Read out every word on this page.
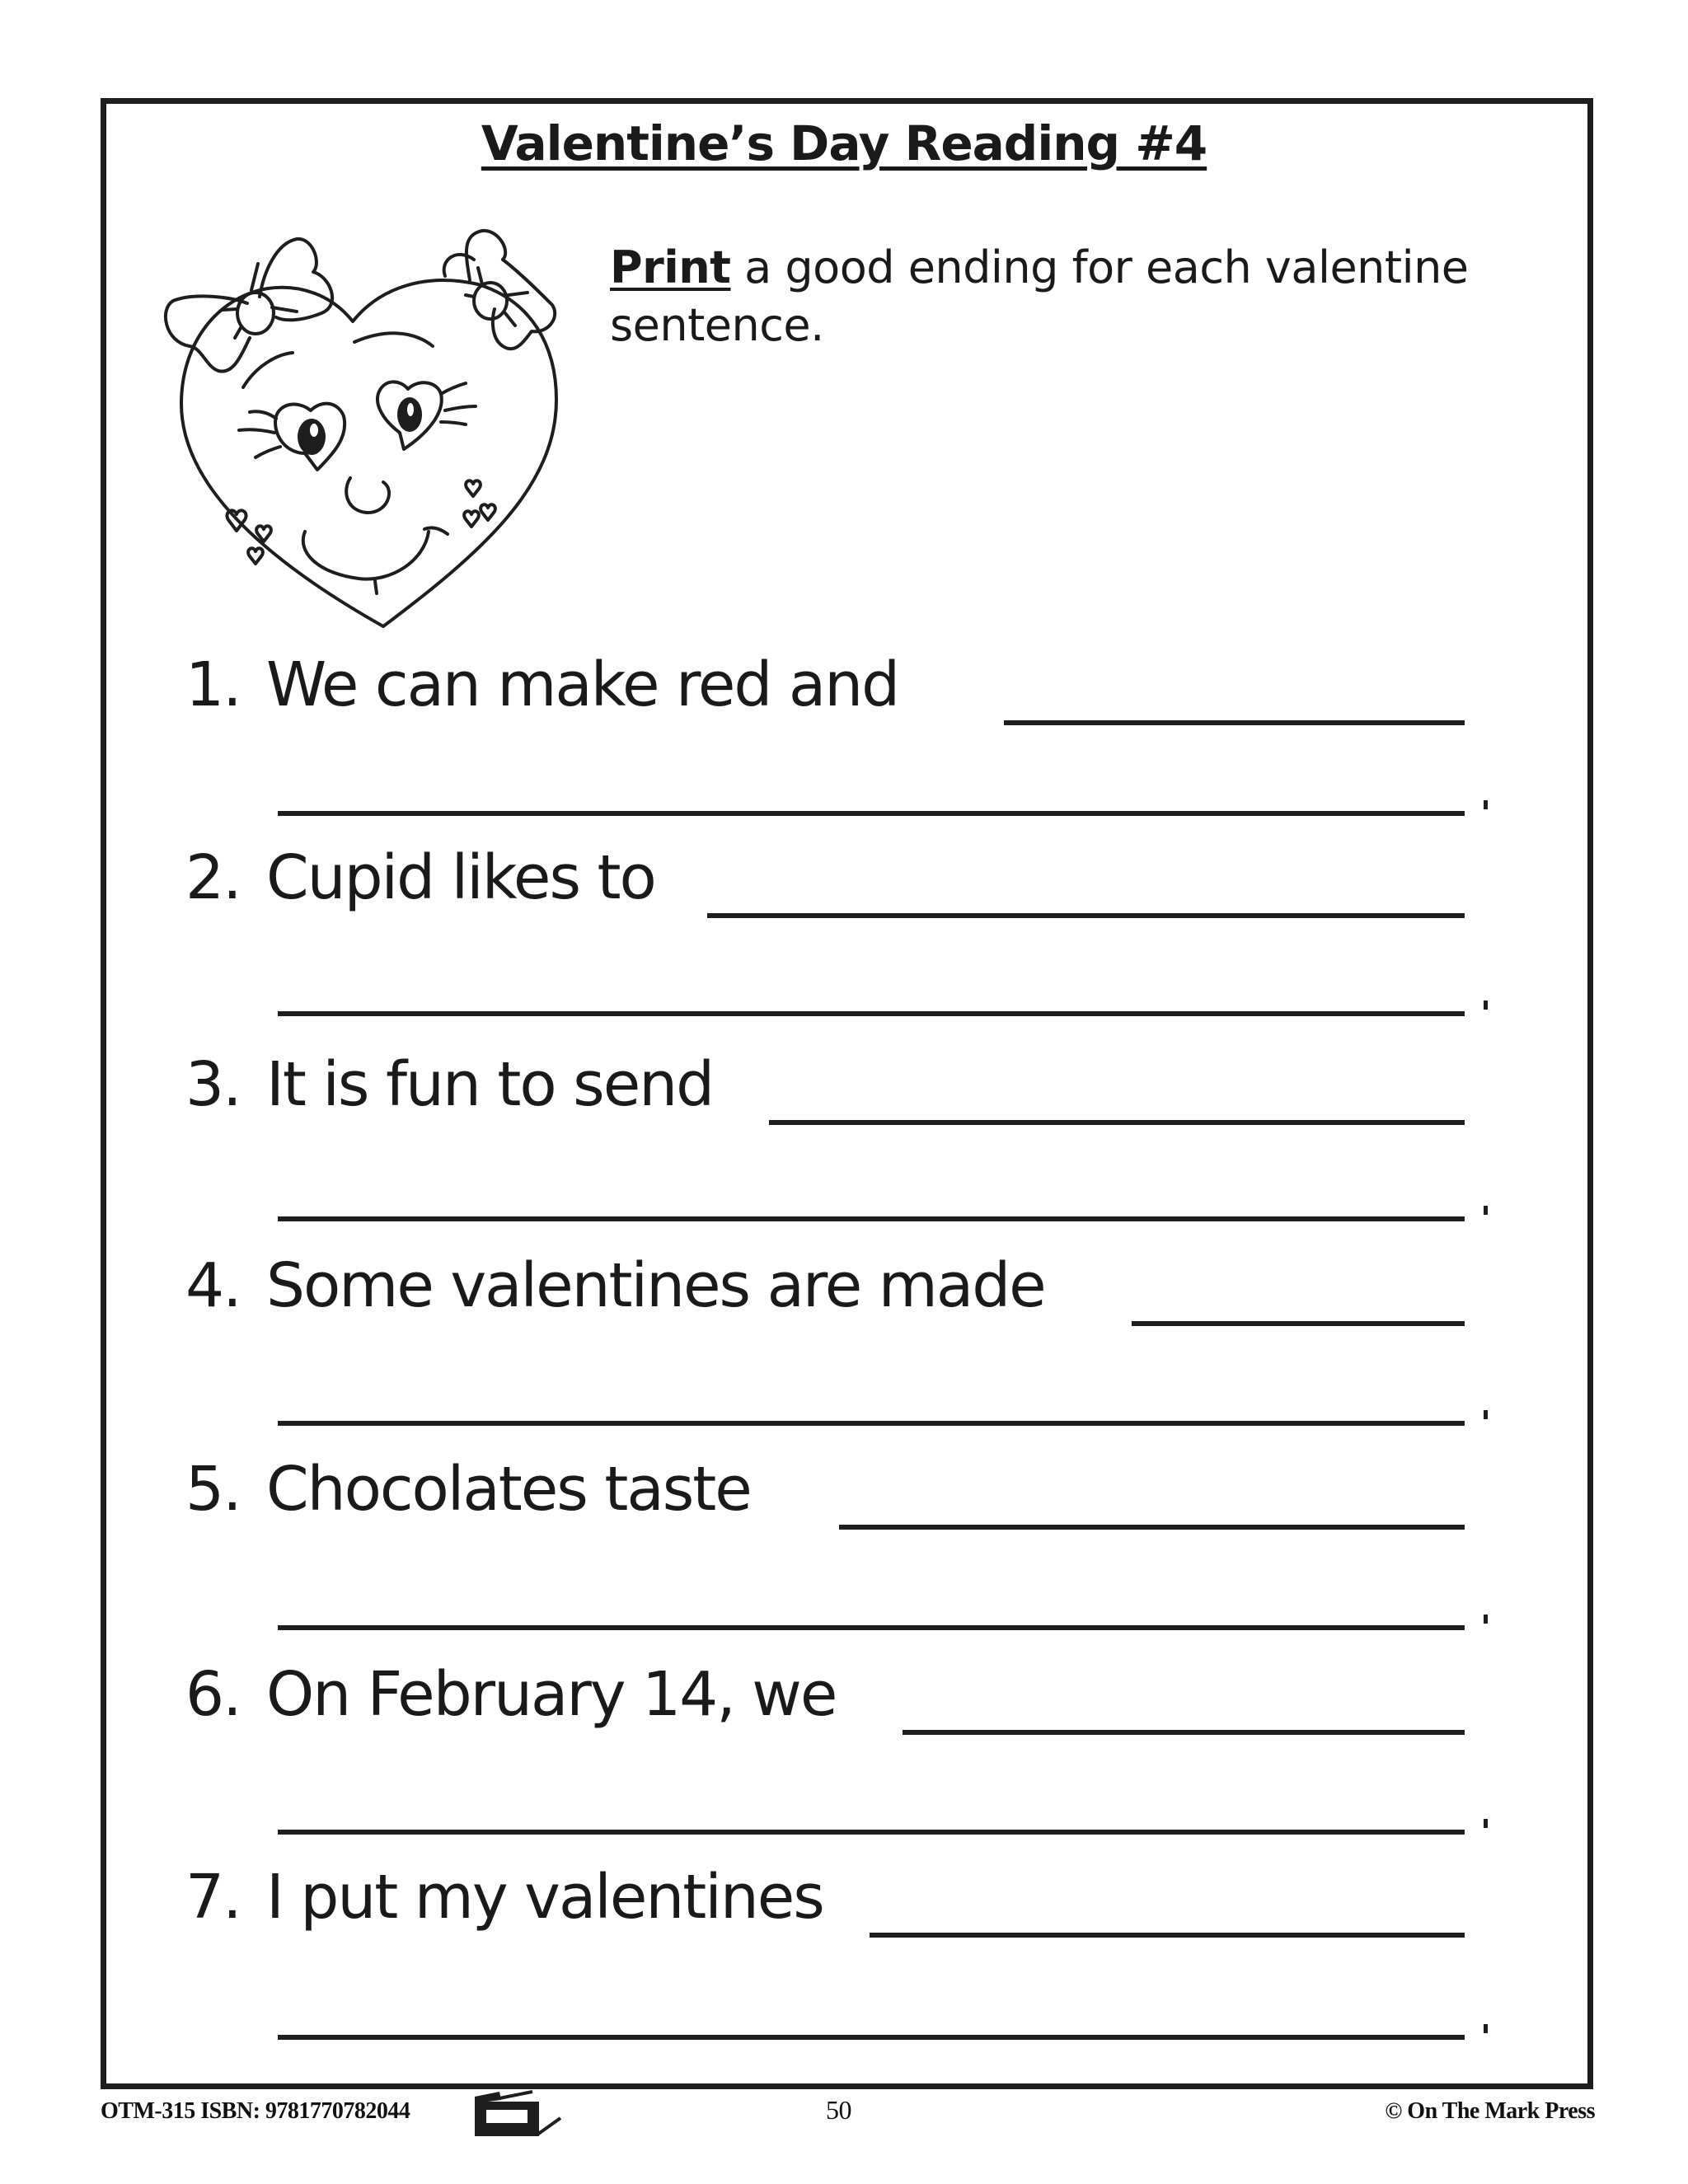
Valentine’s Day Reading #4
Print a good ending for each valentine sentence.
1. We can make red and
2. Cupid likes to
3. It is fun to send
4. Some valentines are made
5. Chocolates taste
6. On February 14, we
7. I put my valentines
OTM-315 ISBN: 9781770782044	50	© On The Mark Press
